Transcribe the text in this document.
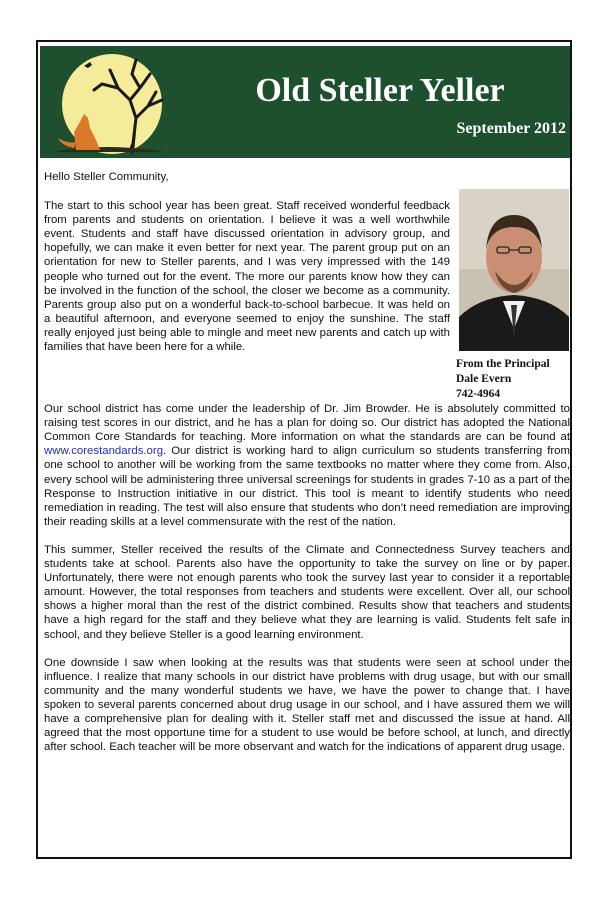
Old Steller Yeller
September 2012
Hello Steller Community,
From the Principal
Dale Evern
742-4964

The start to this school year has been great. Staff received wonderful feedback from parents and students on orientation. I believe it was a well worthwhile event. Students and staff have discussed orientation in advisory group, and hopefully, we can make it even better for next year. The parent group put on an orientation for new to Steller parents, and I was very impressed with the 149 people who turned out for the event. The more our parents know how they can be involved in the function of the school, the closer we become as a community. Parents group also put on a wonderful back-to-school barbecue. It was held on a beautiful afternoon, and everyone seemed to enjoy the sunshine. The staff really enjoyed just being able to mingle and meet new parents and catch up with families that have been here for a while.

Our school district has come under the leadership of Dr. Jim Browder. He is absolutely committed to raising test scores in our district, and he has a plan for doing so. Our district has adopted the National Common Core Standards for teaching. More information on what the standards are can be found at www.corestandards.org. Our district is working hard to align curriculum so students transferring from one school to another will be working from the same textbooks no matter where they come from. Also, every school will be administering three universal screenings for students in grades 7-10 as a part of the Response to Instruction initiative in our district. This tool is meant to identify students who need remediation in reading. The test will also ensure that students who don’t need remediation are improving their reading skills at a level commensurate with the rest of the nation.

This summer, Steller received the results of the Climate and Connectedness Survey teachers and students take at school. Parents also have the opportunity to take the survey on line or by paper. Unfortunately, there were not enough parents who took the survey last year to consider it a reportable amount. However, the total responses from teachers and students were excellent. Over all, our school shows a higher moral than the rest of the district combined. Results show that teachers and students have a high regard for the staff and they believe what they are learning is valid. Students felt safe in school, and they believe Steller is a good learning environment.

One downside I saw when looking at the results was that students were seen at school under the influence. I realize that many schools in our district have problems with drug usage, but with our small community and the many wonderful students we have, we have the power to change that. I have spoken to several parents concerned about drug usage in our school, and I have assured them we will have a comprehensive plan for dealing with it. Steller staff met and discussed the issue at hand. All agreed that the most opportune time for a student to use would be before school, at lunch, and directly after school. Each teacher will be more observant and watch for the indications of apparent drug usage.
